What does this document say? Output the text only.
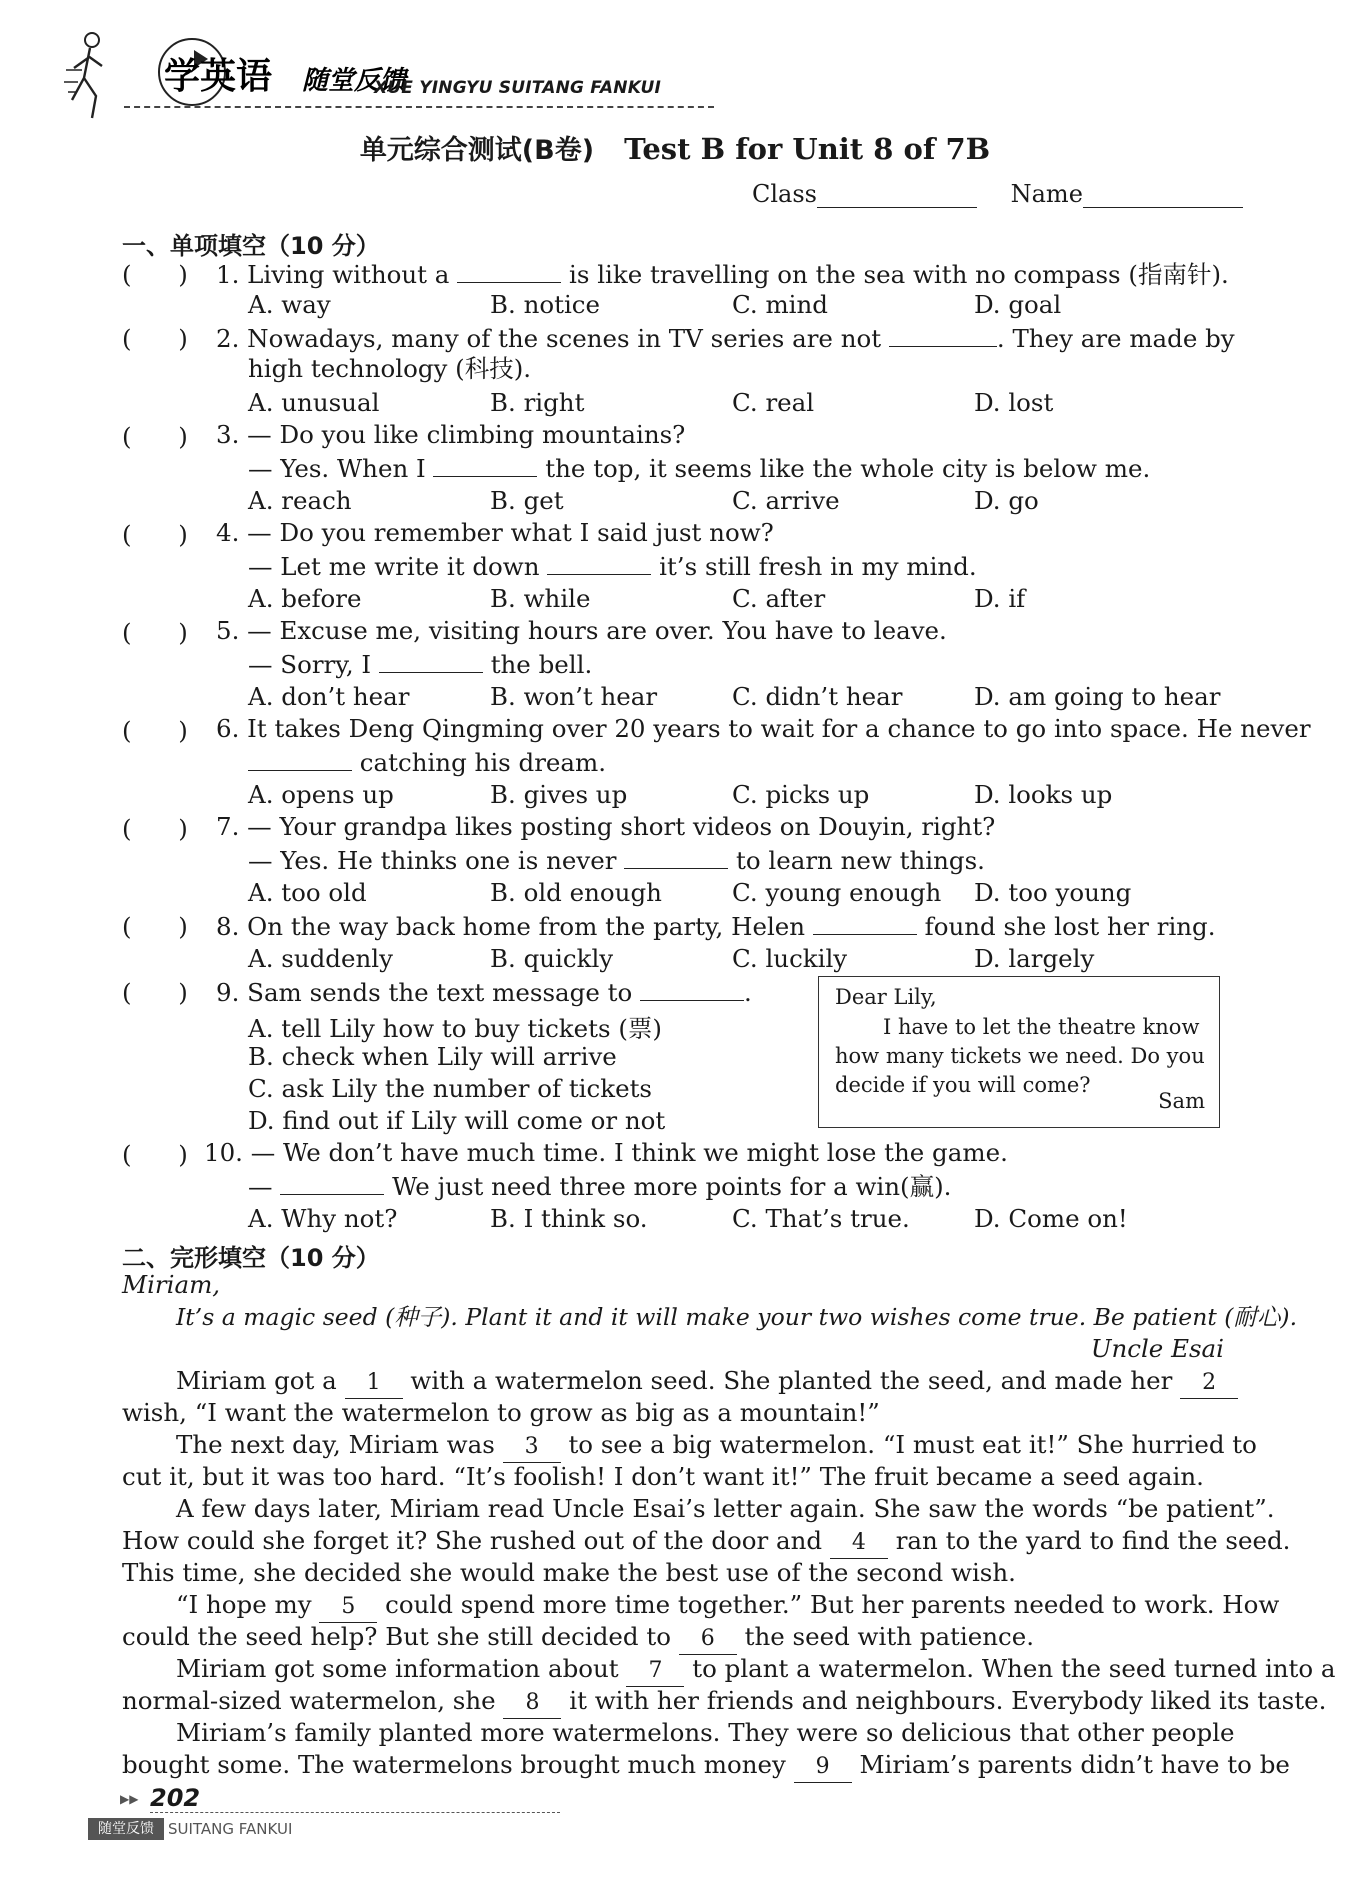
学英语 随堂反馈
XUE YINGYU SUITANG FANKUI
单元综合测试(B卷) Test B for Unit 8 of 7B
Class	Name
一、单项填空（10 分）
(      ) 1. Living without a	is like travelling on the sea with no compass (指南针).
A. way	B. notice	C. mind	D. goal
(      ) 2. Nowadays, many of the scenes in TV series are not	. They are made by
high technology (科技).
A. unusual	B. right	C. real	D. lost
(      ) 3. — Do you like climbing mountains?
— Yes. When I	the top, it seems like the whole city is below me.
A. reach	B. get	C. arrive	D. go
(      ) 4. — Do you remember what I said just now?
— Let me write it down	it’s still fresh in my mind.
A. before	B. while	C. after	D. if
(      ) 5. — Excuse me, visiting hours are over. You have to leave.
— Sorry, I	the bell.
A. don’t hear	B. won’t hear	C. didn’t hear	D. am going to hear
(      ) 6. It takes Deng Qingming over 20 years to wait for a chance to go into space. He never
catching his dream.
A. opens up	B. gives up	C. picks up	D. looks up
(      ) 7. — Your grandpa likes posting short videos on Douyin, right?
— Yes. He thinks one is never	to learn new things.
A. too old	B. old enough	C. young enough D. too young
(      ) 8. On the way back home from the party, Helen	found she lost her ring.
A. suddenly	B. quickly	C. luckily	D. largely
(      ) 9. Sam sends the text message to	.
A. tell Lily how to buy tickets (票)
B. check when Lily will arrive
C. ask Lily the number of tickets
D. find out if Lily will come or not
Dear Lily,
I have to let the theatre know
how many tickets we need. Do you
decide if you will come?
Sam
(      ) 10. — We don’t have much time. I think we might lose the game.
—	We just need three more points for a win(赢).
A. Why not?	B. I think so.	C. That’s true.	D. Come on!
二、完形填空（10 分）
Miriam,
It’s a magic seed (种子). Plant it and it will make your two wishes come true. Be patient (耐心).
Uncle Esai
Miriam got a 1 with a watermelon seed. She planted the seed, and made her 2
wish, “I want the watermelon to grow as big as a mountain!”
The next day, Miriam was 3 to see a big watermelon. “I must eat it!” She hurried to
cut it, but it was too hard. “It’s foolish! I don’t want it!” The fruit became a seed again.
A few days later, Miriam read Uncle Esai’s letter again. She saw the words “be patient”.
How could she forget it? She rushed out of the door and 4 ran to the yard to find the seed.
This time, she decided she would make the best use of the second wish.
“I hope my 5 could spend more time together.” But her parents needed to work. How
could the seed help? But she still decided to 6 the seed with patience.
Miriam got some information about 7 to plant a watermelon. When the seed turned into a
normal-sized watermelon, she 8 it with her friends and neighbours. Everybody liked its taste.
Miriam’s family planted more watermelons. They were so delicious that other people
bought some. The watermelons brought much money 9 Miriam’s parents didn’t have to be
▶▶ 202
随堂反馈 SUITANG FANKUI
